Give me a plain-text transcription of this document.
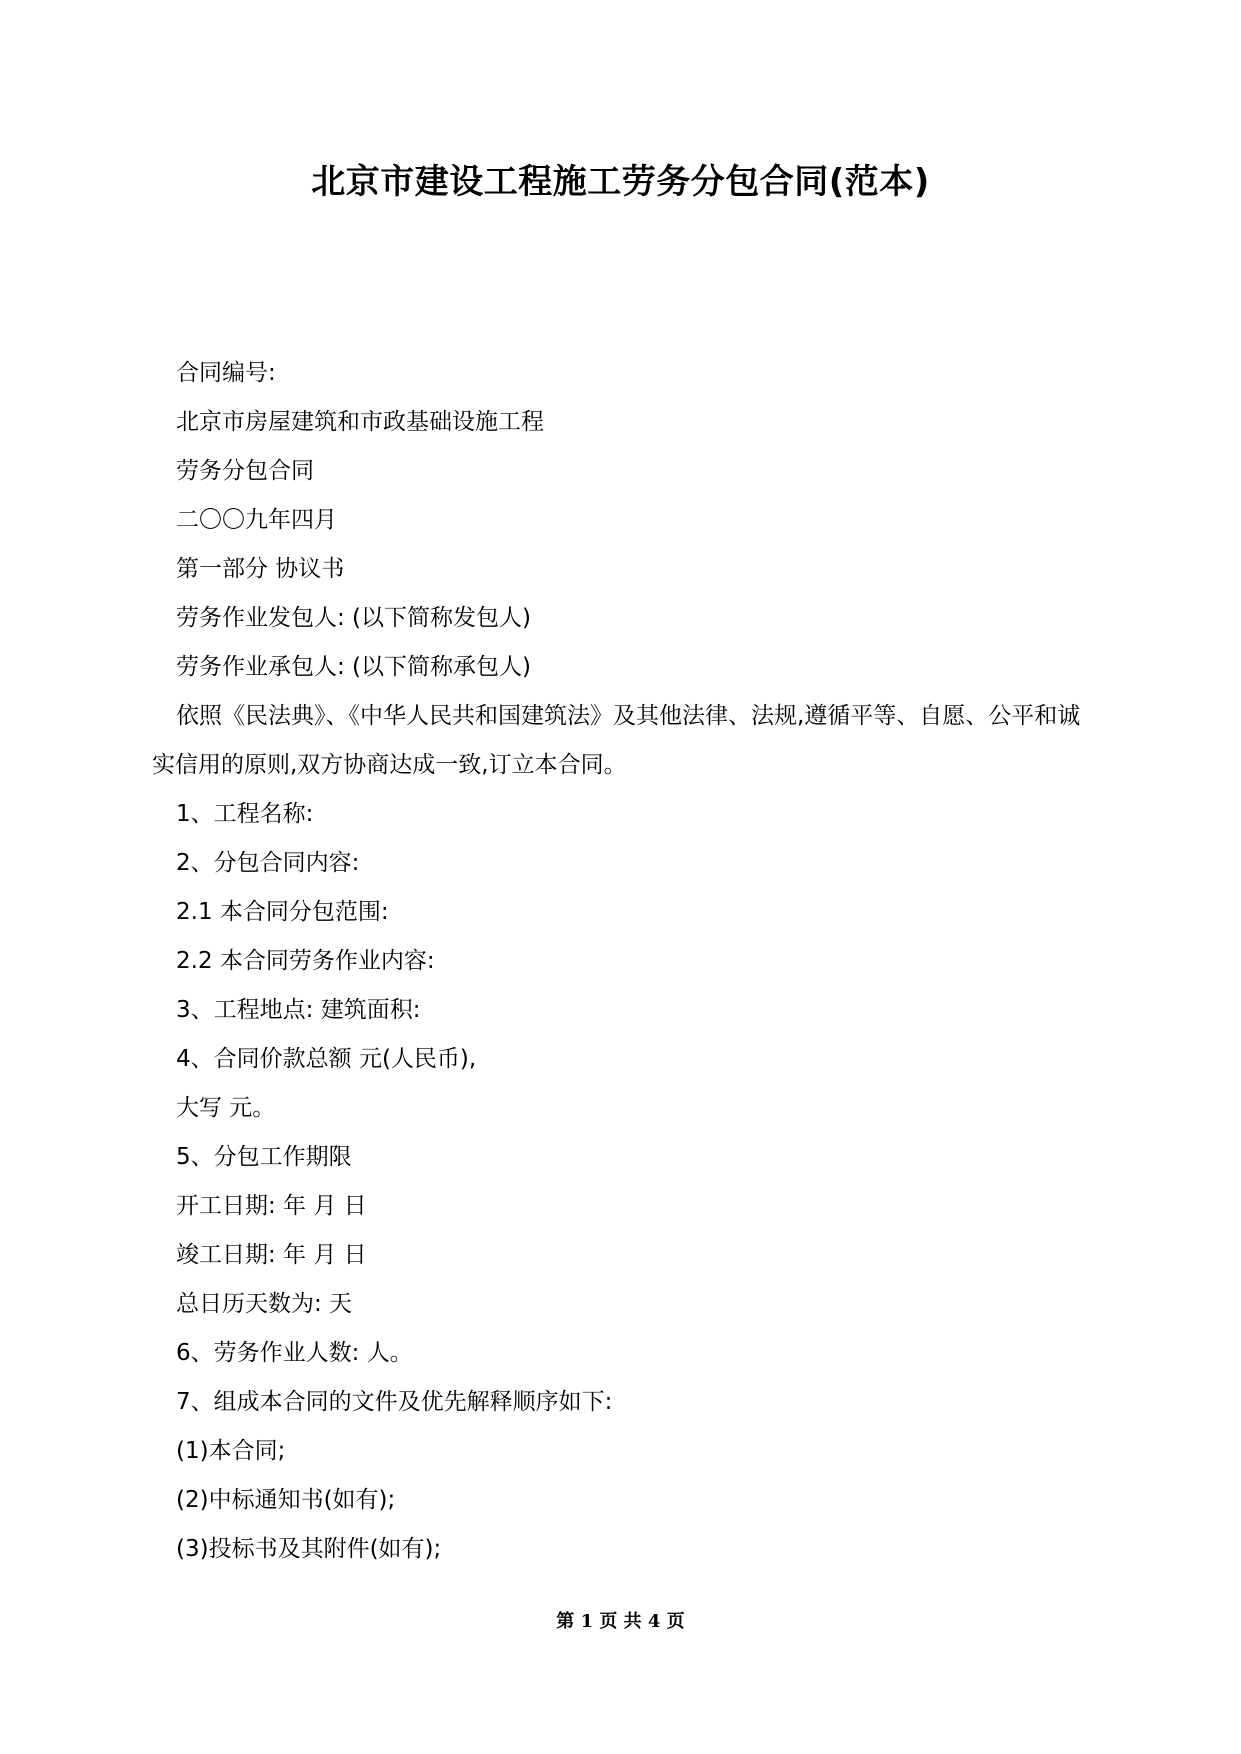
北京市建设工程施工劳务分包合同(范本)
合同编号:
北京市房屋建筑和市政基础设施工程
劳务分包合同
二〇〇九年四月
第一部分 协议书
劳务作业发包人: (以下简称发包人)
劳务作业承包人: (以下简称承包人)
依照《民法典》、《中华人民共和国建筑法》及其他法律、法规,遵循平等、自愿、公平和诚实信用的原则,双方协商达成一致,订立本合同。
1、工程名称:
2、分包合同内容:
2.1 本合同分包范围:
2.2 本合同劳务作业内容:
3、工程地点: 建筑面积:
4、合同价款总额 元(人民币),
大写 元。
5、分包工作期限
开工日期: 年 月 日
竣工日期: 年 月 日
总日历天数为: 天
6、劳务作业人数: 人。
7、组成本合同的文件及优先解释顺序如下:
(1)本合同;
(2)中标通知书(如有);
(3)投标书及其附件(如有);
第 1 页 共 4 页
